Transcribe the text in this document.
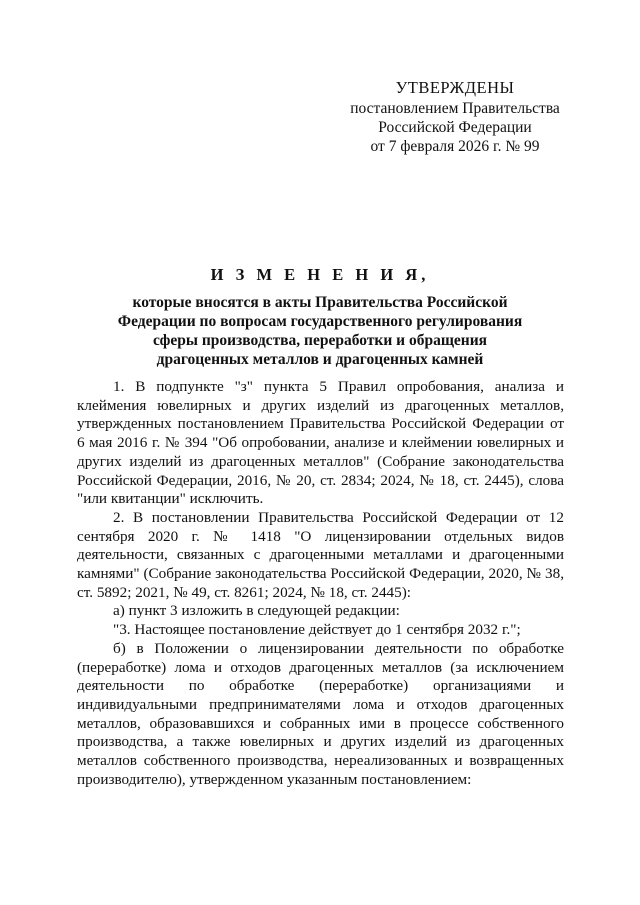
УТВЕРЖДЕНЫ
постановлением Правительства
Российской Федерации
от 7 февраля 2026 г. № 99
И З М Е Н Е Н И Я,
которые вносятся в акты Правительства Российской
Федерации по вопросам государственного регулирования
сферы производства, переработки и обращения
драгоценных металлов и драгоценных камней

1. В подпункте "з" пункта 5 Правил опробования, анализа и клеймения ювелирных и других изделий из драгоценных металлов, утвержденных постановлением Правительства Российской Федерации от 6 мая 2016 г. № 394 "Об опробовании, анализе и клеймении ювелирных и других изделий из драгоценных металлов" (Собрание законодательства Российской Федерации, 2016, № 20, ст. 2834; 2024, № 18, ст. 2445), слова "или квитанции" исключить.

2. В постановлении Правительства Российской Федерации от 12 сентября 2020 г. № 1418 "О лицензировании отдельных видов деятельности, связанных с драгоценными металлами и драгоценными камнями" (Собрание законодательства Российской Федерации, 2020, № 38, ст. 5892; 2021, № 49, ст. 8261; 2024, № 18, ст. 2445):

а) пункт 3 изложить в следующей редакции:

"3. Настоящее постановление действует до 1 сентября 2032 г.";

б) в Положении о лицензировании деятельности по обработке (переработке) лома и отходов драгоценных металлов (за исключением деятельности по обработке (переработке) организациями и индивидуальными предпринимателями лома и отходов драгоценных металлов, образовавшихся и собранных ими в процессе собственного производства, а также ювелирных и других изделий из драгоценных металлов собственного производства, нереализованных и возвращенных производителю), утвержденном указанным постановлением:
